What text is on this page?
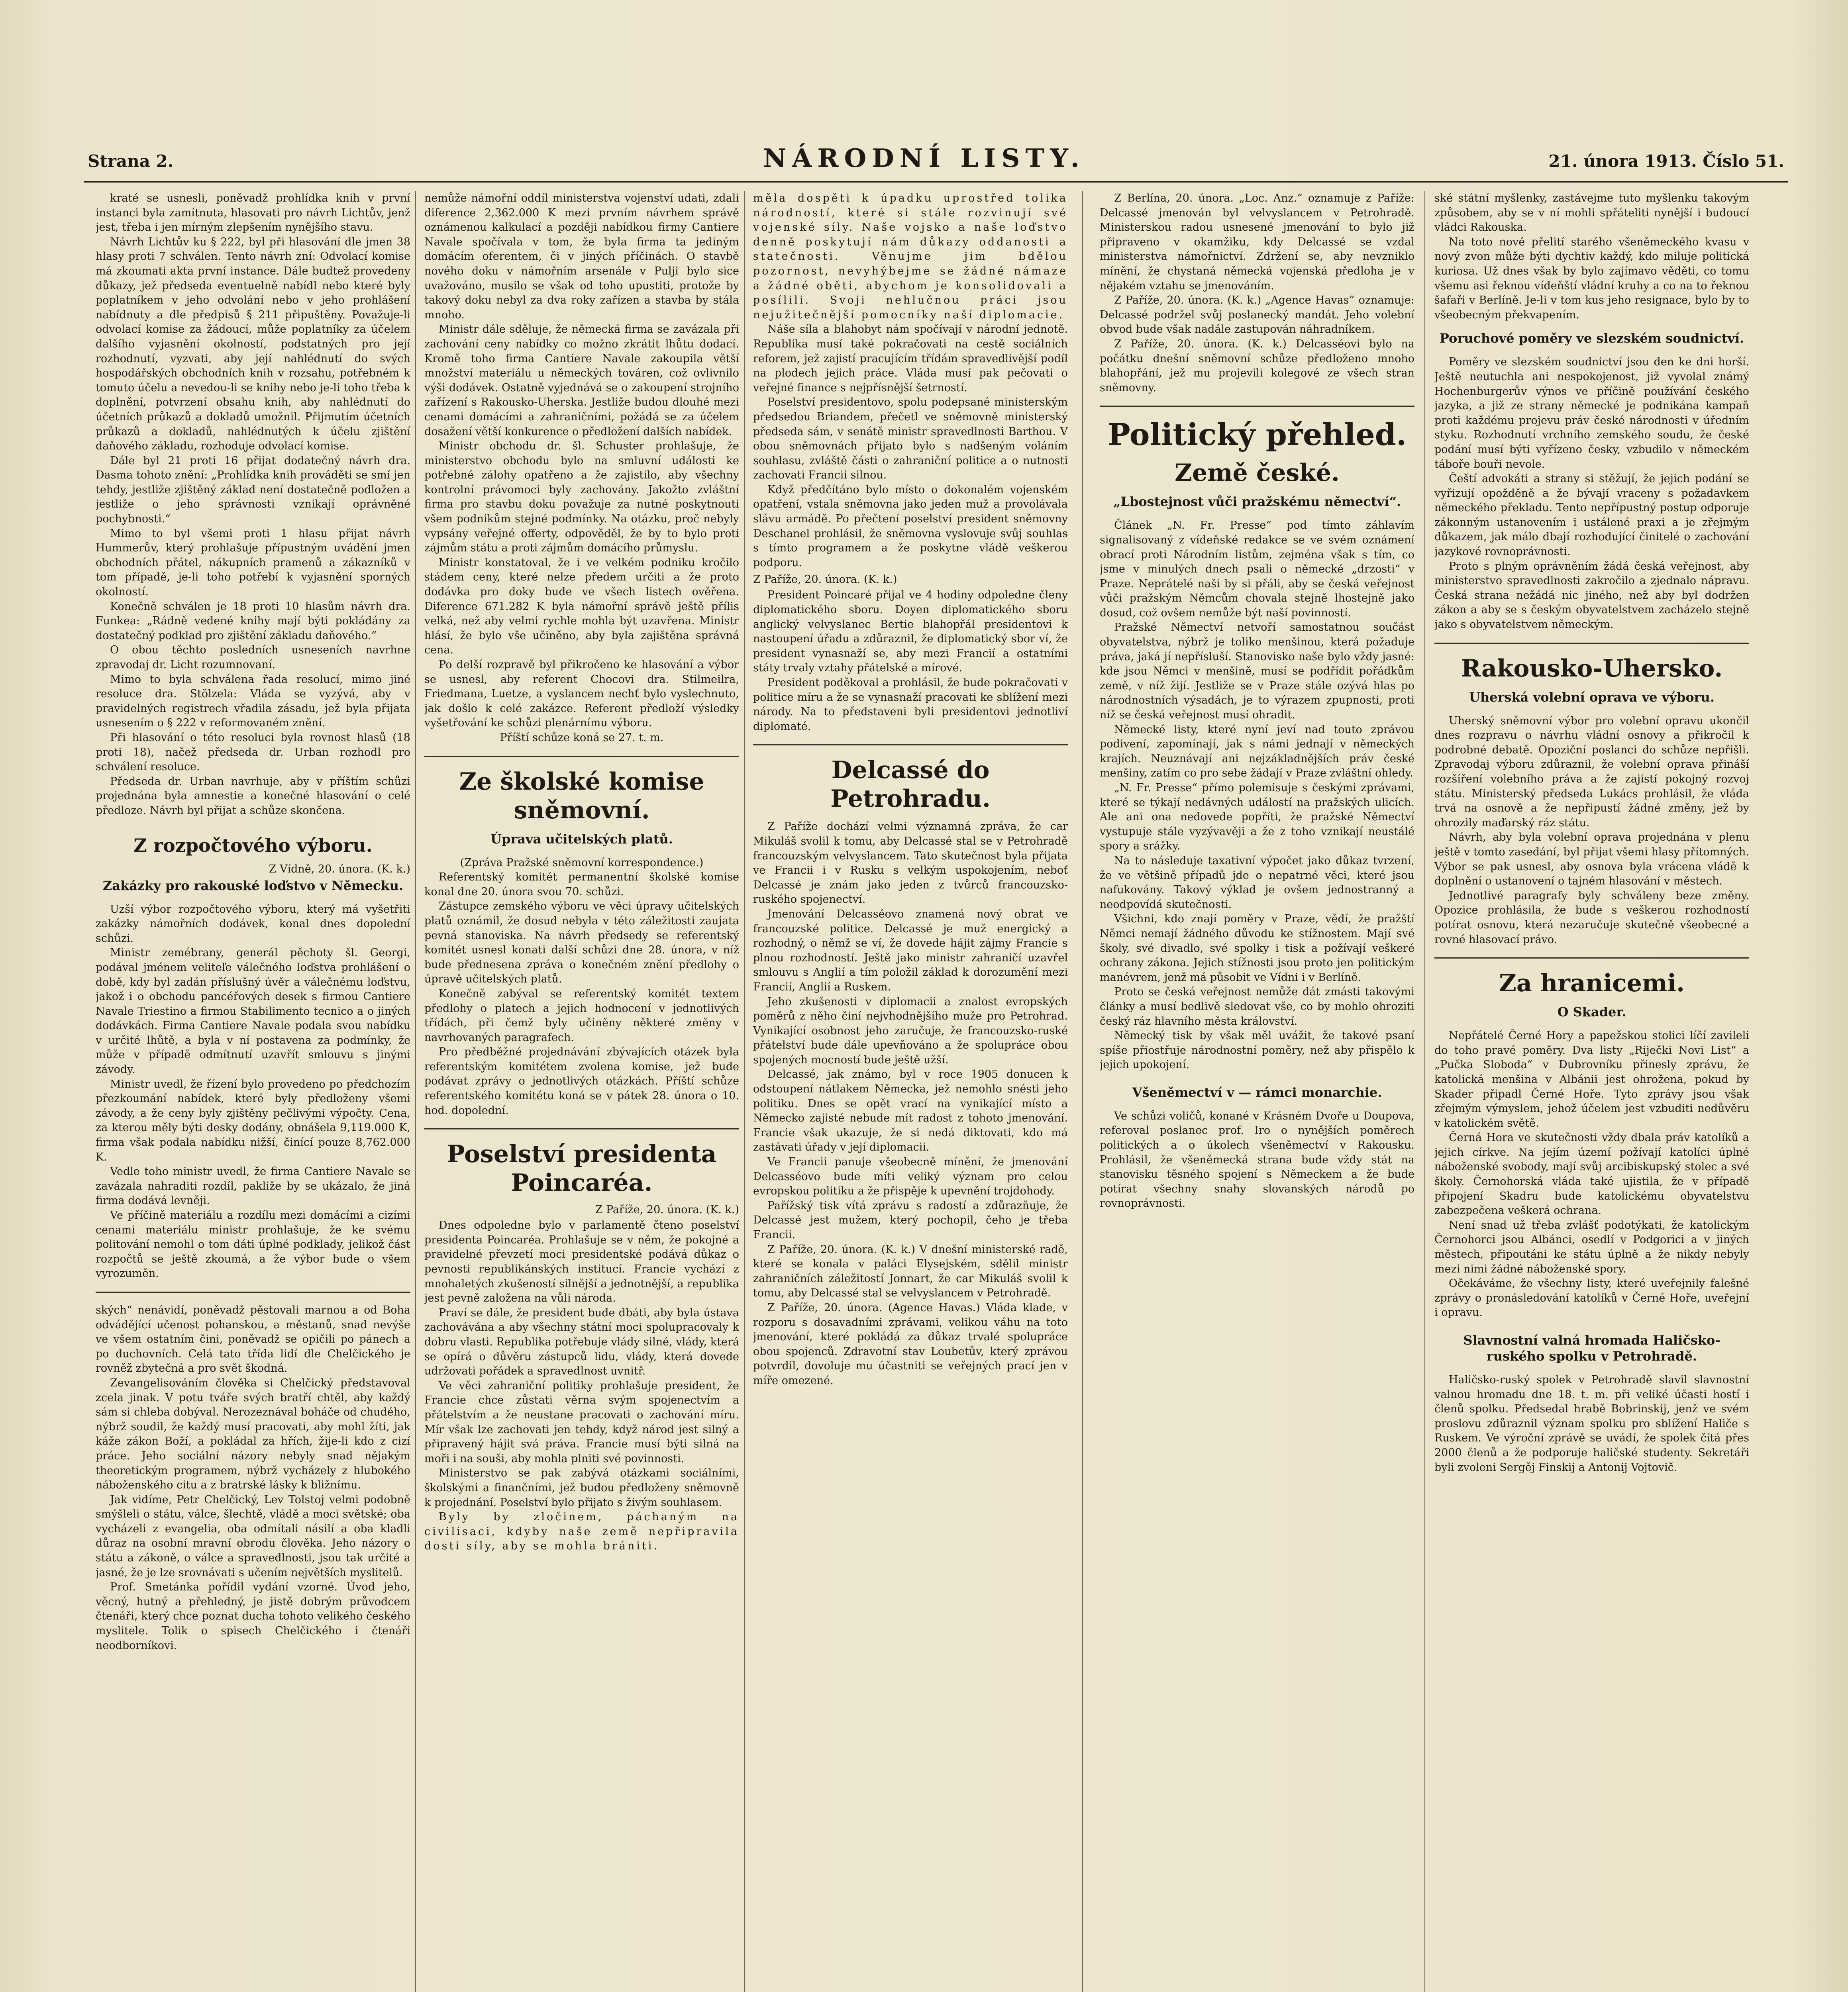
Strana 2.	NÁRODNÍ LISTY.	21. února 1913. Číslo 51.

kraté se usnesli, poněvadž prohlídka knih v první instanci byla zamítnuta, hlasovati pro návrh Lichtův, jenž jest, třeba i jen mírným zlepšením nynějšího stavu.

Návrh Lichtův ku § 222, byl při hlasování dle jmen 38 hlasy proti 7 schválen. Tento návrh zní: Odvolací komise má zkoumati akta první instance. Dále budtež provedeny důkazy, jež předseda eventuelně nabídl nebo které byly poplatníkem v jeho odvolání nebo v jeho prohlášení nabídnuty a dle předpisů § 211 připuštěny. Považuje-li odvolací komise za žádoucí, může poplatníky za účelem dalšího vyjasnění okolností, podstatných pro její rozhodnutí, vyzvati, aby její nahlédnutí do svých hospodářských obchodních knih v rozsahu, potřebném k tomuto účelu a nevedou-li se knihy nebo je-li toho třeba k doplnění, potvrzení obsahu knih, aby nahlédnutí do účetních průkazů a dokladů umožnil. Přijmutím účetních průkazů a dokladů, nahlédnutých k účelu zjištění daňového základu, rozhoduje odvolací komise.

Dále byl 21 proti 16 přijat dodatečný návrh dra. Dasma tohoto znění: „Prohlídka knih prováděti se smí jen tehdy, jestliže zjištěný základ není dostatečně podložen a jestliže o jeho správnosti vznikají oprávněné pochybnosti.“

Mimo to byl všemi proti 1 hlasu přijat návrh Hummerův, který prohlašuje přípustným uvádění jmen obchodních přátel, nákupních pramenů a zákazníků v tom případě, je-li toho potřebí k vyjasnění sporných okolností.

Konečně schválen je 18 proti 10 hlasům návrh dra. Funkea: „Rádně vedené knihy mají býti pokládány za dostatečný podklad pro zjištění základu daňového.“

O obou těchto posledních usneseních navrhne zpravodaj dr. Licht rozumnovaní.

Mimo to byla schválena řada resolucí, mimo jiné resoluce dra. Stölzela: Vláda se vyzývá, aby v pravidelných registrech vřadila zásadu, jež byla přijata usnesením o § 222 v reformovaném znění.

Při hlasování o této resoluci byla rovnost hlasů (18 proti 18), načež předseda dr. Urban rozhodl pro schválení resoluce.

Předseda dr. Urban navrhuje, aby v příštím schůzi projednána byla amnestie a konečné hlasování o celé předloze. Návrh byl přijat a schůze skončena.

Z rozpočtového výboru.
Z Vídně, 20. února. (K. k.)
Zakázky pro rakouské loďstvo v Německu.

Uzší výbor rozpočtového výboru, který má vyšetřiti zakázky námořních dodávek, konal dnes dopolední schůzi.

Ministr zemébrany, generál pěchoty šl. Georgi, podával jménem veliteľe válečného loďstva prohlášení o době, kdy byl zadán příslušný úvěr a válečnému loďstvu, jakož i o obchodu pancéřových desek s firmou Cantiere Navale Triestino a firmou Stabilimento tecnico a o jiných dodávkách. Firma Cantiere Navale podala svou nabídku v určité lhůtě, a byla v ní postavena za podmínky, že může v případě odmítnutí uzavřít smlouvu s jinými závody.

Ministr uvedl, že řízení bylo provedeno po předchozím přezkoumání nabídek, které byly předloženy všemi závody, a že ceny byly zjištěny pečlivými výpočty. Cena, za kterou měly býti desky dodány, obnášela 9,119.000 K, firma však podala nabídku nižší, činící pouze 8,762.000 K.

Vedle toho ministr uvedl, že firma Cantiere Navale se zavázala nahraditi rozdíl, pakliže by se ukázalo, že jiná firma dodává levněji.

Ve příčině materiálu a rozdílu mezi domácími a cizími cenami materiálu ministr prohlašuje, že ke svému politování nemohl o tom dáti úplné podklady, jelikož část rozpočtů se ještě zkoumá, a že výbor bude o všem vyrozuměn.

ských“ nenávidí, poněvadž pěstovali marnou a od Boha odvádějící učenost pohanskou, a městanů, snad nevýše ve všem ostatním čini, poněvadž se opičili po pánech a po duchovních. Celá tato třída lidí dle Chelčického je rovněž zbytečná a pro svět škodná.

Zevangelisováním člověka si Chelčický představoval zcela jinak. V potu tváře svých bratří chtěl, aby každý sám si chleba dobýval. Nerozeznával boháče od chudého, nýbrž soudil, že každý musí pracovati, aby mohl žíti, jak káže zákon Boží, a pokládal za hřích, žije-li kdo z cizí práce. Jeho sociální názory nebyly snad nějakým theoretickým programem, nýbrž vycházely z hlubokého náboženského citu a z bratrské lásky k bližnímu.

Jak vidíme, Petr Chelčický, Lev Tolstoj velmi podobně smýšleli o státu, válce, šlechtě, vládě a moci světské; oba vycházeli z evangelia, oba odmítali násilí a oba kladli důraz na osobní mravní obrodu člověka. Jeho názory o státu a zákoně, o válce a spravedlnosti, jsou tak určité a jasné, že je lze srovnávati s učením největších myslitelů.

Prof. Smetánka pořídil vydání vzorné. Úvod jeho, věcný, hutný a přehledný, je jistě dobrým průvodcem čtenáři, který chce poznat ducha tohoto velikého českého myslitele. Tolik o spisech Chelčického i čtenáři neodborníkovi.

nemůže námořní oddíl ministerstva vojenství udati, zdali diference 2,362.000 K mezi prvním návrhem správě oznámenou kalkulací a později nabídkou firmy Cantiere Navale spočívala v tom, že byla firma ta jediným domácím oferentem, či v jiných příčinách. O stavbě nového doku v námořním arsenále v Pulji bylo sice uvažováno, musilo se však od toho upustiti, protože by takový doku nebyl za dva roky zařízen a stavba by stála mnoho.

Ministr dále sděluje, že německá firma se zavázala při zachování ceny nabídky co možno zkrátit lhůtu dodací. Kromě toho firma Cantiere Navale zakoupila větší množství materiálu u německých továren, což ovlivnilo výši dodávek. Ostatně vyjednává se o zakoupení strojního zařízení s Rakousko-Uherska. Jestliže budou dlouhé mezi cenami domácími a zahraničními, požádá se za účelem dosažení větší konkurence o předložení dalších nabídek.

Ministr obchodu dr. šl. Schuster prohlašuje, že ministerstvo obchodu bylo na smluvní události ke potřebné zálohy opatřeno a že zajistilo, aby všechny kontrolní právomoci byly zachovány. Jakožto zvláštní firma pro stavbu doku považuje za nutné poskytnouti všem podnikům stejné podmínky. Na otázku, proč nebyly vypsány veřejné offerty, odpověděl, že by to bylo proti zájmům státu a proti zájmům domácího průmyslu.

Ministr konstatoval, že i ve velkém podniku kročilo stádem ceny, které nelze předem určiti a že proto dodávka pro doky bude ve všech listech ověřena. Diference 671.282 K byla námořní správě ještě přílis velká, než aby velmi rychle mohla být uzavřena. Ministr hlásí, že bylo vše učiněno, aby byla zajištěna správná cena.

Po delší rozpravě byl přikročeno ke hlasování a výbor se usnesl, aby referent Chocovi dra. Stilmeilra, Friedmana, Luetze, a vyslancem nechť bylo vyslechnuto, jak došlo k celé zakázce. Referent předloží výsledky vyšetřování ke schůzi plenárnímu výboru.

Příští schůze koná se 27. t. m.

Ze školské komise sněmovní.
Úprava učitelských platů.

(Zpráva Pražské sněmovní korrespondence.)

Referentský komitét permanentní školské komise konal dne 20. února svou 70. schůzi.

Zástupce zemského výboru ve věci úpravy učitelských platů oznámil, že dosud nebyla v této záležitosti zaujata pevná stanoviska. Na návrh předsedy se referentský komitét usnesl konati další schůzi dne 28. února, v níž bude přednesena zpráva o konečném znění předlohy o úpravě učitelských platů.

Konečně zabýval se referentský komitét textem předlohy o platech a jejich hodnocení v jednotlivých třídách, při čemž byly učiněny některé změny v navrhovaných paragrafech.

Pro předběžné projednávání zbývajících otázek byla referentským komitétem zvolena komise, jež bude podávat zprávy o jednotlivých otázkách. Příští schůze referentského komitétu koná se v pátek 28. února o 10. hod. dopolední.

Poselství presidenta Poincaréa.
Z Paříže, 20. února. (K. k.)

Dnes odpoledne bylo v parlamentě čteno poselství presidenta Poincaréa. Prohlašuje se v něm, že pokojné a pravidelné převzetí moci presidentské podává důkaz o pevnosti republikánských institucí. Francie vychází z mnohaletých zkušeností silnější a jednotnější, a republika jest pevně založena na vůli národa.

Praví se dále, že president bude dbáti, aby byla ústava zachovávána a aby všechny státní moci spolupracovaly k dobru vlasti. Republika potřebuje vlády silné, vlády, která se opírá o důvěru zástupců lidu, vlády, která dovede udržovati pořádek a spravedlnost uvnitř.

Ve věci zahraniční politiky prohlašuje president, že Francie chce zůstati věrna svým spojenectvím a přátelstvím a že neustane pracovati o zachování míru. Mír však lze zachovati jen tehdy, když národ jest silný a připravený hájit svá práva. Francie musí býti silná na moři i na souši, aby mohla plniti své povinnosti.

Ministerstvo se pak zabývá otázkami sociálními, školskými a finančními, jež budou předloženy sněmovně k projednání. Poselství bylo přijato s živým souhlasem.

Byly by zločinem, páchaným na civilisaci, kdyby naše země nepřipravila dosti síly, aby se mohla brániti.

měla dospěti k úpadku uprostřed tolika národností, které si stále rozvinují své vojenské síly. Naše vojsko a naše loďstvo denně poskytují nám důkazy oddanosti a statečnosti. Věnujme jim bdělou pozornost, nevyhýbejme se žádné námaze a žádné oběti, abychom je konsolidovali a posílili. Svoji nehlučnou práci jsou nejužitečnější pomocníky naší diplomacie.

Náše síla a blahobyt nám spočívají v národní jednotě. Republika musí také pokračovati na cestě sociálních reforem, jež zajistí pracujícím třídám spravedlivější podíl na plodech jejich práce. Vláda musí pak pečovati o veřejné finance s nejpřísnější šetrností.

Poselství presidentovo, spolu podepsané ministerským předsedou Briandem, přečetl ve sněmovně ministerský předseda sám, v senátě ministr spravedlnosti Barthou. V obou sněmovnách přijato bylo s nadšeným voláním souhlasu, zvláště části o zahraniční politice a o nutnosti zachovati Francii silnou.

Když předčítáno bylo místo o dokonalém vojenském opatření, vstala sněmovna jako jeden muž a provolávala slávu armádě. Po přečtení poselství president sněmovny Deschanel prohlásil, že sněmovna vyslovuje svůj souhlas s tímto programem a že poskytne vládě veškerou podporu.

Z Paříže, 20. února. (K. k.)

President Poincaré přijal ve 4 hodiny odpoledne členy diplomatického sboru. Doyen diplomatického sboru anglický velvyslanec Bertie blahopřál presidentovi k nastoupení úřadu a zdůraznil, že diplomatický sbor ví, že president vynasnaží se, aby mezi Francií a ostatními státy trvaly vztahy přátelské a mírové.

President poděkoval a prohlásil, že bude pokračovati v politice míru a že se vynasnaží pracovati ke sblížení mezi národy. Na to představeni byli presidentovi jednotliví diplomaté.

Delcassé do Petrohradu.

Z Paříže dochází velmi významná zpráva, že car Mikuláš svolil k tomu, aby Delcassé stal se v Petrohradě francouzským velvyslancem. Tato skutečnost byla přijata ve Francii i v Rusku s velkým uspokojením, neboť Delcassé je znám jako jeden z tvůrců francouzsko-ruského spojenectví.

Jmenování Delcasséovo znamená nový obrat ve francouzské politice. Delcassé je muž energický a rozhodný, o němž se ví, že dovede hájit zájmy Francie s plnou rozhodností. Ještě jako ministr zahraničí uzavřel smlouvu s Anglií a tím položil základ k dorozumění mezi Francií, Anglií a Ruskem.

Jeho zkušenosti v diplomacii a znalost evropských poměrů z něho činí nejvhodnějšího muže pro Petrohrad. Vynikající osobnost jeho zaručuje, že francouzsko-ruské přátelství bude dále upevňováno a že spolupráce obou spojených mocností bude ještě užší.

Delcassé, jak známo, byl v roce 1905 donucen k odstoupení nátlakem Německa, jež nemohlo snésti jeho politiku. Dnes se opět vrací na vynikající místo a Německo zajisté nebude mít radost z tohoto jmenování. Francie však ukazuje, že si nedá diktovati, kdo má zastávati úřady v její diplomacii.

Ve Francii panuje všeobecně mínění, že jmenování Delcasséovo bude míti veliký význam pro celou evropskou politiku a že přispěje k upevnění trojdohody.

Pařížský tisk vítá zprávu s radostí a zdůrazňuje, že Delcassé jest mužem, který pochopil, čeho je třeba Francii.

Z Paříže, 20. února. (K. k.) V dnešní ministerské radě, které se konala v paláci Elysejském, sdělil ministr zahraničních záležitostí Jonnart, že car Mikuláš svolil k tomu, aby Delcassé stal se velvyslancem v Petrohradě.

Z Paříže, 20. února. (Agence Havas.) Vláda klade, v rozporu s dosavadními zprávami, velikou váhu na toto jmenování, které pokládá za důkaz trvalé spolupráce obou spojenců. Zdravotní stav Loubetův, který zprávou potvrdil, dovoluje mu účastniti se veřejných prací jen v míře omezené.

Z Berlína, 20. února. „Loc. Anz.“ oznamuje z Paříže: Delcassé jmenován byl velvyslancem v Petrohradě. Ministerskou radou usnesené jmenování to bylo již připraveno v okamžiku, kdy Delcassé se vzdal ministerstva námořnictví. Zdržení se, aby nevzniklo mínění, že chystaná německá vojenská předloha je v nějakém vztahu se jmenováním.

Z Paříže, 20. února. (K. k.) „Agence Havas“ oznamuje: Delcassé podržel svůj poslanecký mandát. Jeho volební obvod bude však nadále zastupován náhradníkem.

Z Paříže, 20. února. (K. k.) Delcasséovi bylo na počátku dnešní sněmovní schůze předloženo mnoho blahopřání, jež mu projevili kolegové ze všech stran sněmovny.

Politický přehled.
Země české.
„Lbostejnost vůči pražskému němectví“.

Článek „N. Fr. Presse“ pod tímto záhlavím signalisovaný z vídeňské redakce se ve svém oznámení obrací proti Národním listům, zejména však s tím, co jsme v minulých dnech psali o německé „drzosti“ v Praze. Neprátelé naši by si přáli, aby se česká veřejnost vůči pražským Němcům chovala stejně lhostejně jako dosud, což ovšem nemůže být naší povinností.

Pražské Němectví netvoří samostatnou součást obyvatelstva, nýbrž je toliko menšinou, která požaduje práva, jaká jí nepřísluší. Stanovisko naše bylo vždy jasné: kde jsou Němci v menšině, musí se podřídit pořádkům země, v níž žijí. Jestliže se v Praze stále ozývá hlas po národnostních výsadách, je to výrazem zpupnosti, proti níž se česká veřejnost musí ohradit.

Německé listy, které nyní jeví nad touto zprávou podivení, zapomínají, jak s námi jednají v německých krajích. Neuznávají ani nejzákladnějších práv české menšiny, zatím co pro sebe žádají v Praze zvláštní ohledy.

„N. Fr. Presse“ přímo polemisuje s českými zprávami, které se týkají nedávných událostí na pražských ulicích. Ale ani ona nedovede popříti, že pražské Němectví vystupuje stále vyzývavěji a že z toho vznikají neustálé spory a srážky.

Na to následuje taxativní výpočet jako důkaz tvrzení, že ve většině případů jde o nepatrné věci, které jsou nafukovány. Takový výklad je ovšem jednostranný a neodpovídá skutečnosti.

Všichni, kdo znají poměry v Praze, vědí, že pražští Němci nemají žádného důvodu ke stížnostem. Mají své školy, své divadlo, své spolky i tisk a požívají veškeré ochrany zákona. Jejich stížnosti jsou proto jen politickým manévrem, jenž má působit ve Vídni i v Berlíně.

Proto se česká veřejnost nemůže dát zmásti takovými články a musí bedlivě sledovat vše, co by mohlo ohroziti český ráz hlavního města království.

Německý tisk by však měl uvážit, že takové psaní spíše přiostřuje národnostní poměry, než aby přispělo k jejich upokojení.

Všeněmectví v — rámci monarchie.

Ve schůzi voličů, konané v Krásném Dvoře u Doupova, referoval poslanec prof. Iro o nynějších poměrech politických a o úkolech všeněmectví v Rakousku. Prohlásil, že všeněmecká strana bude vždy stát na stanovisku těsného spojení s Německem a že bude potírat všechny snahy slovanských národů po rovnoprávnosti.

ské státní myšlenky, zastávejme tuto myšlenku takovým způsobem, aby se v ní mohli spřáteliti nynější i budoucí vládci Rakouska.

Na toto nové přelití starého všeněmeckého kvasu v nový zvon může býti dychtiv každý, kdo miluje politická kuriosa. Už dnes však by bylo zajímavo věděti, co tomu všemu asi řeknou vídeňští vládní kruhy a co na to řeknou šafaři v Berlíně. Je-li v tom kus jeho resignace, bylo by to všeobecným překvapením.

Poruchové poměry ve slezském soudnictví.

Poměry ve slezském soudnictví jsou den ke dni horší. Ještě neutuchla ani nespokojenost, již vyvolal známý Hochenburgerův výnos ve příčině používání českého jazyka, a již ze strany německé je podnikána kampaň proti každému projevu práv české národnosti v úředním styku. Rozhodnutí vrchního zemského soudu, že české podání musí býti vyřízeno česky, vzbudilo v německém táboře bouři nevole.

Čeští advokáti a strany si stěžují, že jejich podání se vyřizují opožděně a že bývají vraceny s požadavkem německého překladu. Tento nepřípustný postup odporuje zákonným ustanovením i ustálené praxi a je zřejmým důkazem, jak málo dbají rozhodující činitelé o zachování jazykové rovnoprávnosti.

Proto s plným oprávněním žádá česká veřejnost, aby ministerstvo spravedlnosti zakročilo a zjednalo nápravu. Česká strana nežádá nic jiného, než aby byl dodržen zákon a aby se s českým obyvatelstvem zacházelo stejně jako s obyvatelstvem německým.

Rakousko-Uhersko.
Uherská volební oprava ve výboru.

Uherský sněmovní výbor pro volební opravu ukončil dnes rozpravu o návrhu vládní osnovy a přikročil k podrobné debatě. Opoziční poslanci do schůze nepřišli. Zpravodaj výboru zdůraznil, že volební oprava přináší rozšíření volebního práva a že zajistí pokojný rozvoj státu. Ministerský předseda Lukács prohlásil, že vláda trvá na osnově a že nepřipustí žádné změny, jež by ohrozily maďarský ráz státu.

Návrh, aby byla volební oprava projednána v plenu ještě v tomto zasedání, byl přijat všemi hlasy přítomných. Výbor se pak usnesl, aby osnova byla vrácena vládě k doplnění o ustanovení o tajném hlasování v městech.

Jednotlivé paragrafy byly schváleny beze změny. Opozice prohlásila, že bude s veškerou rozhodností potírat osnovu, která nezaručuje skutečně všeobecné a rovné hlasovací právo.

Za hranicemi.
O Skader.

Nepřátelé Černé Hory a papežskou stolici líčí zavileli do toho pravé poměry. Dva listy „Riječki Novi List“ a „Pučka Sloboda“ v Dubrovníku přinesly zprávu, že katolická menšina v Albánii jest ohrožena, pokud by Skader připadl Černé Hoře. Tyto zprávy jsou však zřejmým výmyslem, jehož účelem jest vzbuditi nedůvěru v katolickém světě.

Černá Hora ve skutečnosti vždy dbala práv katolíků a jejich církve. Na jejím území požívají katolíci úplné náboženské svobody, mají svůj arcibiskupský stolec a své školy. Černohorská vláda také ujistila, že v případě připojení Skadru bude katolickému obyvatelstvu zabezpečena veškerá ochrana.

Není snad už třeba zvlášť podotýkati, že katolickým Černohorci jsou Albánci, osedlí v Podgorici a v jiných městech, připoutáni ke státu úplně a že nikdy nebyly mezi nimi žádné náboženské spory.

Očekáváme, že všechny listy, které uveřejnily falešné zprávy o pronásledování katolíků v Černé Hoře, uveřejní i opravu.

Slavnostní valná hromada Haličsko-ruského spolku v Petrohradě.

Haličsko-ruský spolek v Petrohradě slavil slavnostní valnou hromadu dne 18. t. m. při veliké účasti hostí i členů spolku. Předsedal hrabě Bobrinskij, jenž ve svém proslovu zdůraznil význam spolku pro sblížení Haliče s Ruskem. Ve výroční zprávě se uvádí, že spolek čítá přes 2000 členů a že podporuje haličské studenty. Sekretáři byli zvoleni Sergěj Finskij a Antonij Vojtovič.
